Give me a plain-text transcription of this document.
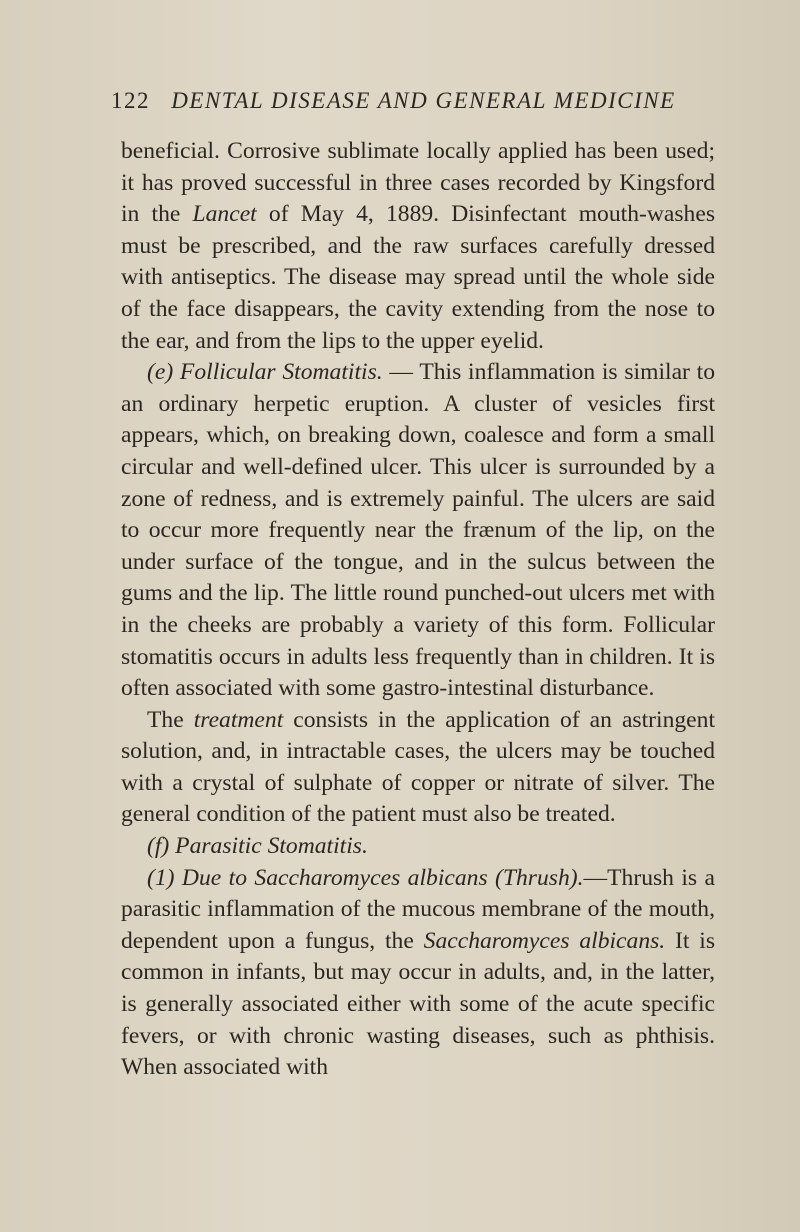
122 DENTAL DISEASE AND GENERAL MEDICINE

beneficial. Corrosive sublimate locally applied has been used; it has proved successful in three cases recorded by Kingsford in the Lancet of May 4, 1889. Disinfectant mouth-washes must be prescribed, and the raw surfaces carefully dressed with antiseptics. The disease may spread until the whole side of the face disappears, the cavity extending from the nose to the ear, and from the lips to the upper eyelid.

(e) Follicular Stomatitis. — This inflammation is similar to an ordinary herpetic eruption. A cluster of vesicles first appears, which, on breaking down, coalesce and form a small circular and well-defined ulcer. This ulcer is surrounded by a zone of redness, and is extremely painful. The ulcers are said to occur more frequently near the frænum of the lip, on the under surface of the tongue, and in the sulcus between the gums and the lip. The little round punched-out ulcers met with in the cheeks are probably a variety of this form. Follicular stomatitis occurs in adults less frequently than in children. It is often associated with some gastro-intestinal disturbance.

The treatment consists in the application of an astringent solution, and, in intractable cases, the ulcers may be touched with a crystal of sulphate of copper or nitrate of silver. The general condition of the patient must also be treated.

(f) Parasitic Stomatitis.

(1) Due to Saccharomyces albicans (Thrush).—Thrush is a parasitic inflammation of the mucous membrane of the mouth, dependent upon a fungus, the Saccharomyces albicans. It is common in infants, but may occur in adults, and, in the latter, is generally associated either with some of the acute specific fevers, or with chronic wasting diseases, such as phthisis. When associated with
